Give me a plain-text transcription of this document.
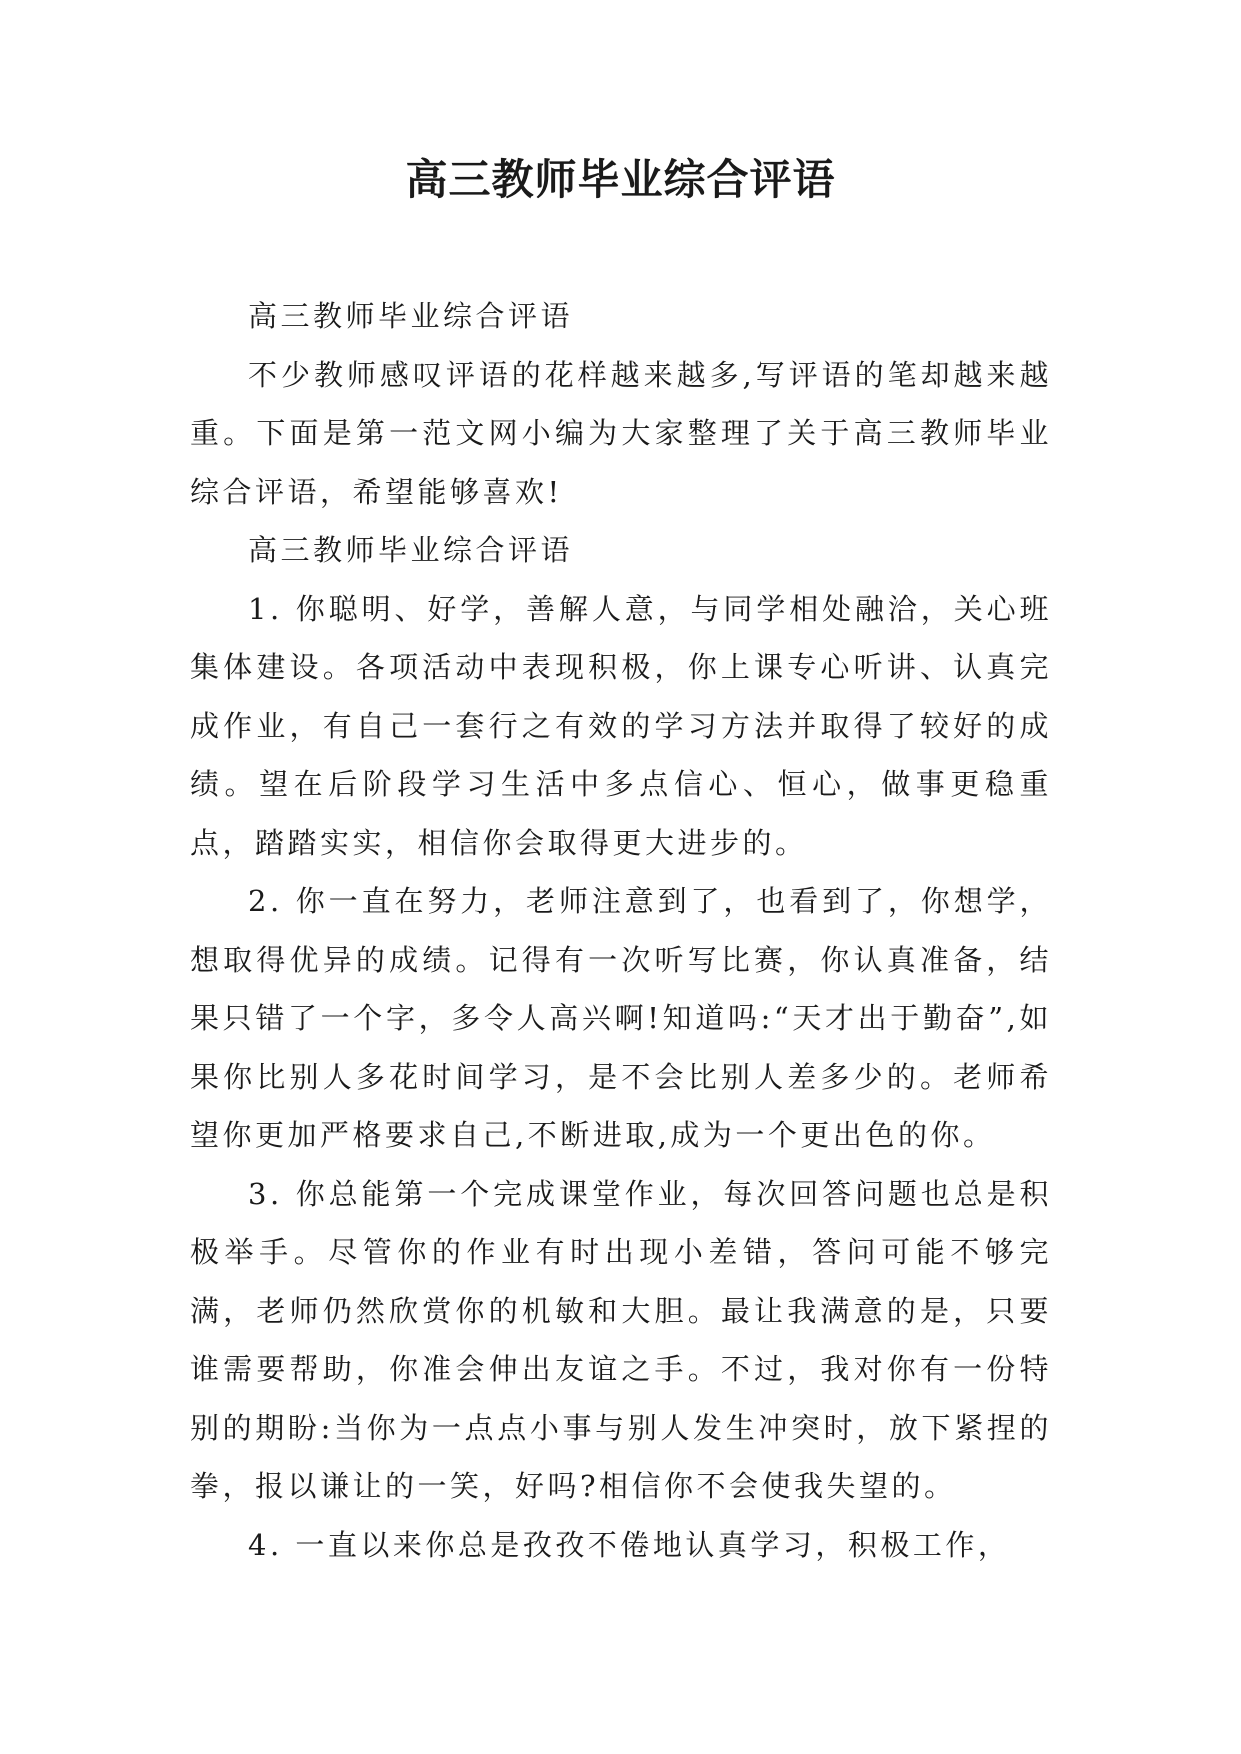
高三教师毕业综合评语

高三教师毕业综合评语

不少教师感叹评语的花样越来越多,写评语的笔却越来越重。下面是第一范文网小编为大家整理了关于高三教师毕业综合评语，希望能够喜欢!

高三教师毕业综合评语

1. 你聪明、好学，善解人意，与同学相处融洽，关心班集体建设。各项活动中表现积极，你上课专心听讲、认真完成作业，有自己一套行之有效的学习方法并取得了较好的成绩。望在后阶段学习生活中多点信心、恒心，做事更稳重点，踏踏实实，相信你会取得更大进步的。

2. 你一直在努力，老师注意到了，也看到了，你想学，想取得优异的成绩。记得有一次听写比赛，你认真准备，结果只错了一个字，多令人高兴啊!知道吗:“天才出于勤奋”,如果你比别人多花时间学习，是不会比别人差多少的。老师希望你更加严格要求自己,不断进取,成为一个更出色的你。

3. 你总能第一个完成课堂作业，每次回答问题也总是积极举手。尽管你的作业有时出现小差错，答问可能不够完满，老师仍然欣赏你的机敏和大胆。最让我满意的是，只要谁需要帮助，你准会伸出友谊之手。不过，我对你有一份特别的期盼:当你为一点点小事与别人发生冲突时，放下紧捏的拳，报以谦让的一笑，好吗?相信你不会使我失望的。

4. 一直以来你总是孜孜不倦地认真学习，积极工作，
